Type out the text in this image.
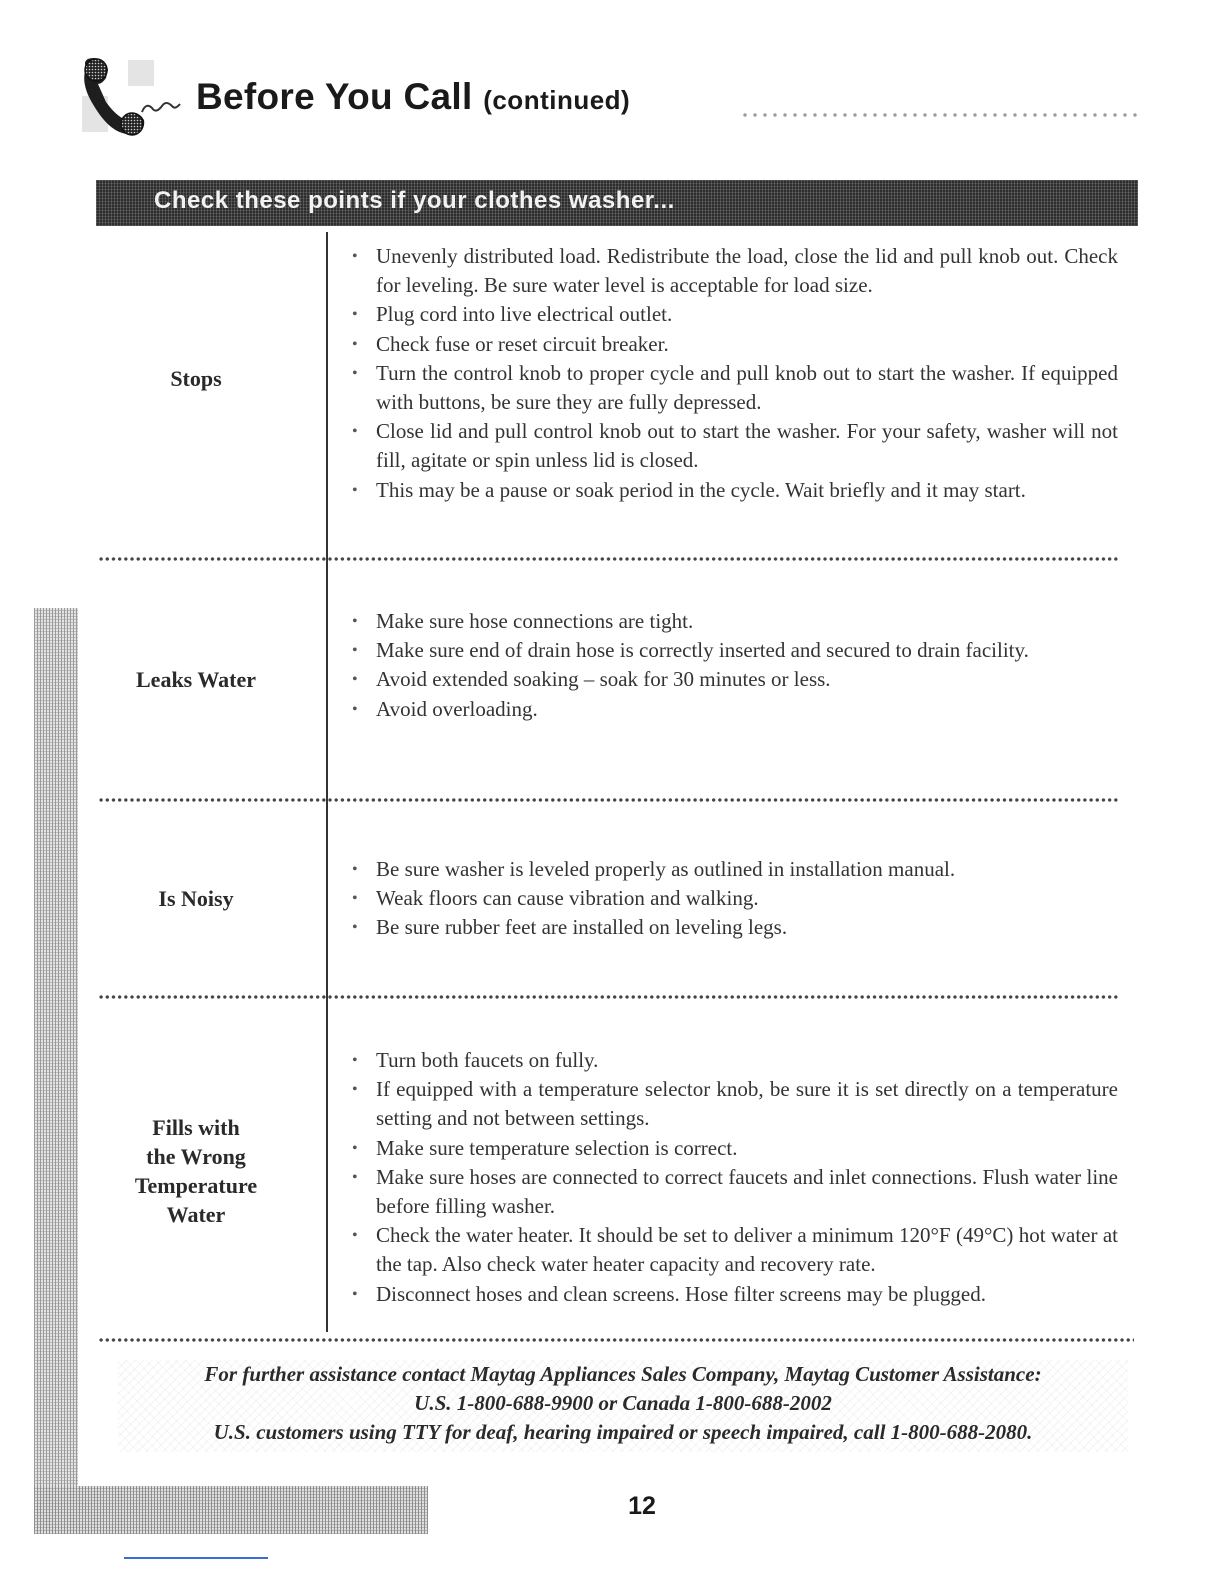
Before You Call (continued)
Check these points if your clothes washer...
Stops
• Unevenly distributed load. Redistribute the load, close the lid and pull knob out. Check for leveling. Be sure water level is acceptable for load size.
• Plug cord into live electrical outlet.
• Check fuse or reset circuit breaker.
• Turn the control knob to proper cycle and pull knob out to start the washer. If equipped with buttons, be sure they are fully depressed.
• Close lid and pull control knob out to start the washer. For your safety, washer will not fill, agitate or spin unless lid is closed.
• This may be a pause or soak period in the cycle. Wait briefly and it may start.
Leaks Water
• Make sure hose connections are tight.
• Make sure end of drain hose is correctly inserted and secured to drain facility.
• Avoid extended soaking – soak for 30 minutes or less.
• Avoid overloading.
Is Noisy
• Be sure washer is leveled properly as outlined in installation manual.
• Weak floors can cause vibration and walking.
• Be sure rubber feet are installed on leveling legs.
Fills with
the Wrong
Temperature
Water
• Turn both faucets on fully.
• If equipped with a temperature selector knob, be sure it is set directly on a temperature setting and not between settings.
• Make sure temperature selection is correct.
• Make sure hoses are connected to correct faucets and inlet connections. Flush water line before filling washer.
• Check the water heater. It should be set to deliver a minimum 120°F (49°C) hot water at the tap. Also check water heater capacity and recovery rate.
• Disconnect hoses and clean screens. Hose filter screens may be plugged.
For further assistance contact Maytag Appliances Sales Company, Maytag Customer Assistance:
U.S. 1-800-688-9900 or Canada 1-800-688-2002
U.S. customers using TTY for deaf, hearing impaired or speech impaired, call 1-800-688-2080.
12
